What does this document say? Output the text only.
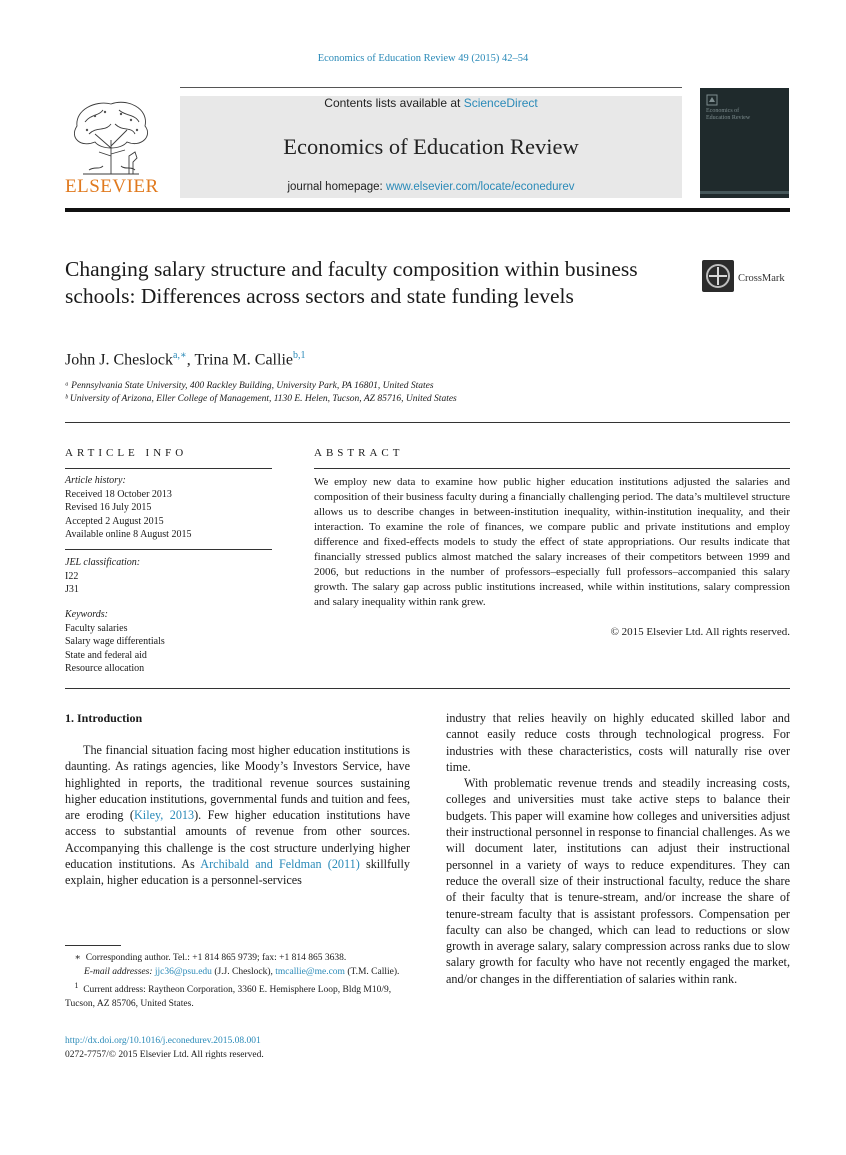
Economics of Education Review 49 (2015) 42–54
ELSEVIER
Contents lists available at ScienceDirect
Economics of Education Review
journal homepage: www.elsevier.com/locate/econedurev
Economics of Education Review
Changing salary structure and faculty composition within business schools: Differences across sectors and state funding levels
CrossMark
John J. Cheslock$^{a,∗}$, Trina M. Callie$^{b,1}$
ᵃ Pennsylvania State University, 400 Rackley Building, University Park, PA 16801, United States
ᵇ University of Arizona, Eller College of Management, 1130 E. Helen, Tucson, AZ 85716, United States
ARTICLE INFO
Article history:
Received 18 October 2013
Revised 16 July 2015
Accepted 2 August 2015
Available online 8 August 2015
JEL classification:
I22
J31
Keywords:
Faculty salaries
Salary wage differentials
State and federal aid
Resource allocation
ABSTRACT
We employ new data to examine how public higher education institutions adjusted the salaries and composition of their business faculty during a financially challenging period. The data’s multilevel structure allows us to describe changes in between-institution inequality, within-institution inequality, and their interaction. To examine the role of finances, we compare public and private institutions and employ difference and fixed-effects models to study the effect of state appropriations. Our results indicate that financially stressed publics almost matched the salary increases of their competitors between 1999 and 2006, but reductions in the number of professors–especially full professors–accompanied this salary growth. The salary gap across public institutions increased, while within institutions, salary compression and salary inequality within rank grew.
© 2015 Elsevier Ltd. All rights reserved.
1. Introduction

The financial situation facing most higher education institutions is daunting. As ratings agencies, like Moody’s Investors Service, have highlighted in reports, the traditional revenue sources sustaining higher education institutions, governmental funds and tuition and fees, are eroding (Kiley, 2013). Few higher education institutions have access to substantial amounts of revenue from other sources. Accompanying this challenge is the cost structure underlying higher education institutions. As Archibald and Feldman (2011) skillfully explain, higher education is a personnel-services

industry that relies heavily on highly educated skilled labor and cannot easily reduce costs through technological progress. For industries with these characteristics, costs will naturally rise over time.

With problematic revenue trends and steadily increasing costs, colleges and universities must take active steps to balance their budgets. This paper will examine how colleges and universities adjust their instructional personnel in response to financial challenges. As we will document later, institutions can adjust their instructional personnel in a variety of ways to reduce expenditures. They can reduce the overall size of their instructional faculty, reduce the share of their faculty that is tenure-stream, and/or increase the share of tenure-stream faculty that is assistant professors. Compensation per faculty can also be changed, which can lead to reductions or slow growth in average salary, salary compression across ranks due to slow salary growth for faculty who have not recently engaged the market, and/or changes in the differentiation of salaries within rank.

 ∗  Corresponding author. Tel.: +1 814 865 9739; fax: +1 814 865 3638.

   E-mail addresses: jjc36@psu.edu (J.J. Cheslock), tmcallie@me.com (T.M. Callie).

 $^1$  Current address: Raytheon Corporation, 3360 E. Hemisphere Loop, Bldg M10/9, Tucson, AZ 85706, United States.

http://dx.doi.org/10.1016/j.econedurev.2015.08.001
0272-7757/© 2015 Elsevier Ltd. All rights reserved.
